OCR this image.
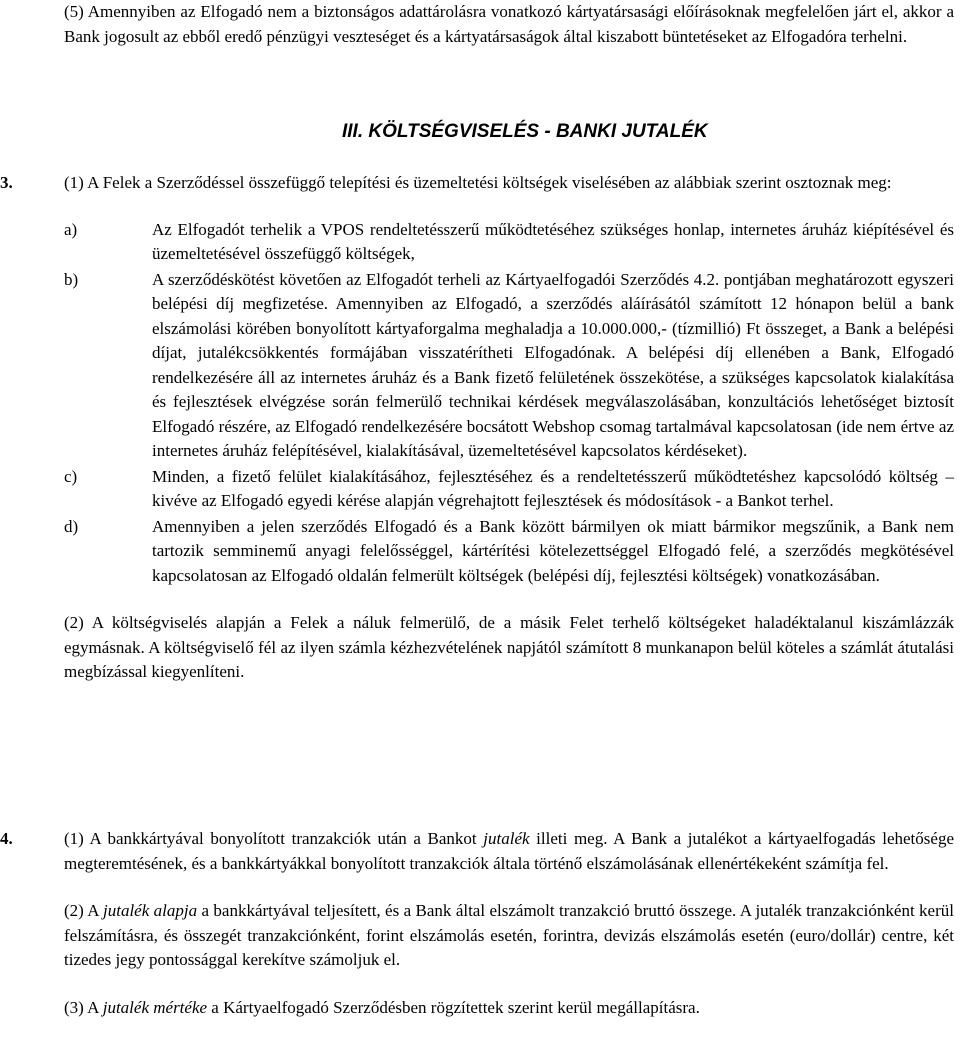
(5) Amennyiben az Elfogadó nem a biztonságos adattárolásra vonatkozó kártyatársasági előírásoknak megfelelően járt el, akkor a Bank jogosult az ebből eredő pénzügyi veszteséget és a kártyatársaságok által kiszabott büntetéseket az Elfogadóra terhelni.

III. KÖLTSÉGVISELÉS - BANKI JUTALÉK

3.	(1) A Felek a Szerződéssel összefüggő telepítési és üzemeltetési költségek viselésében az alábbiak szerint osztoznak meg:

a)	Az Elfogadót terhelik a VPOS rendeltetésszerű működtetéséhez szükséges honlap, internetes áruház kiépítésével és üzemeltetésével összefüggő költségek,

b)	A szerződéskötést követően az Elfogadót terheli az Kártyaelfogadói Szerződés 4.2. pontjában meghatározott egyszeri belépési díj megfizetése. Amennyiben az Elfogadó, a szerződés aláírásától számított 12 hónapon belül a bank elszámolási körében bonyolított kártyaforgalma meghaladja a 10.000.000,- (tízmillió) Ft összeget, a Bank a belépési díjat, jutalékcsökkentés formájában visszatérítheti Elfogadónak. A belépési díj ellenében a Bank, Elfogadó rendelkezésére áll az internetes áruház és a Bank fizető felületének összekötése, a szükséges kapcsolatok kialakítása és fejlesztések elvégzése során felmerülő technikai kérdések megválaszolásában, konzultációs lehetőséget biztosít Elfogadó részére, az Elfogadó rendelkezésére bocsátott Webshop csomag tartalmával kapcsolatosan (ide nem értve az internetes áruház felépítésével, kialakításával, üzemeltetésével kapcsolatos kérdéseket).

c)	Minden, a fizető felület kialakításához, fejlesztéséhez és a rendeltetésszerű működtetéshez kapcsolódó költség – kivéve az Elfogadó egyedi kérése alapján végrehajtott fejlesztések és módosítások - a Bankot terhel.

d)	Amennyiben a jelen szerződés Elfogadó és a Bank között bármilyen ok miatt bármikor megszűnik, a Bank nem tartozik semminemű anyagi felelősséggel, kártérítési kötelezettséggel Elfogadó felé, a szerződés megkötésével kapcsolatosan az Elfogadó oldalán felmerült költségek (belépési díj, fejlesztési költségek) vonatkozásában.

(2) A költségviselés alapján a Felek a náluk felmerülő, de a másik Felet terhelő költségeket haladéktalanul kiszámlázzák egymásnak. A költségviselő fél az ilyen számla kézhezvételének napjától számított 8 munkanapon belül köteles a számlát átutalási megbízással kiegyenlíteni.

4.	(1) A bankkártyával bonyolított tranzakciók után a Bankot jutalék illeti meg. A Bank a jutalékot a kártyaelfogadás lehetősége megteremtésének, és a bankkártyákkal bonyolított tranzakciók általa történő elszámolásának ellenértékeként számítja fel.

(2) A jutalék alapja a bankkártyával teljesített, és a Bank által elszámolt tranzakció bruttó összege. A jutalék tranzakciónként kerül felszámításra, és összegét tranzakciónként, forint elszámolás esetén, forintra, devizás elszámolás esetén (euro/dollár) centre, két tizedes jegy pontossággal kerekítve számoljuk el.

(3) A jutalék mértéke a Kártyaelfogadó Szerződésben rögzítettek szerint kerül megállapításra.
